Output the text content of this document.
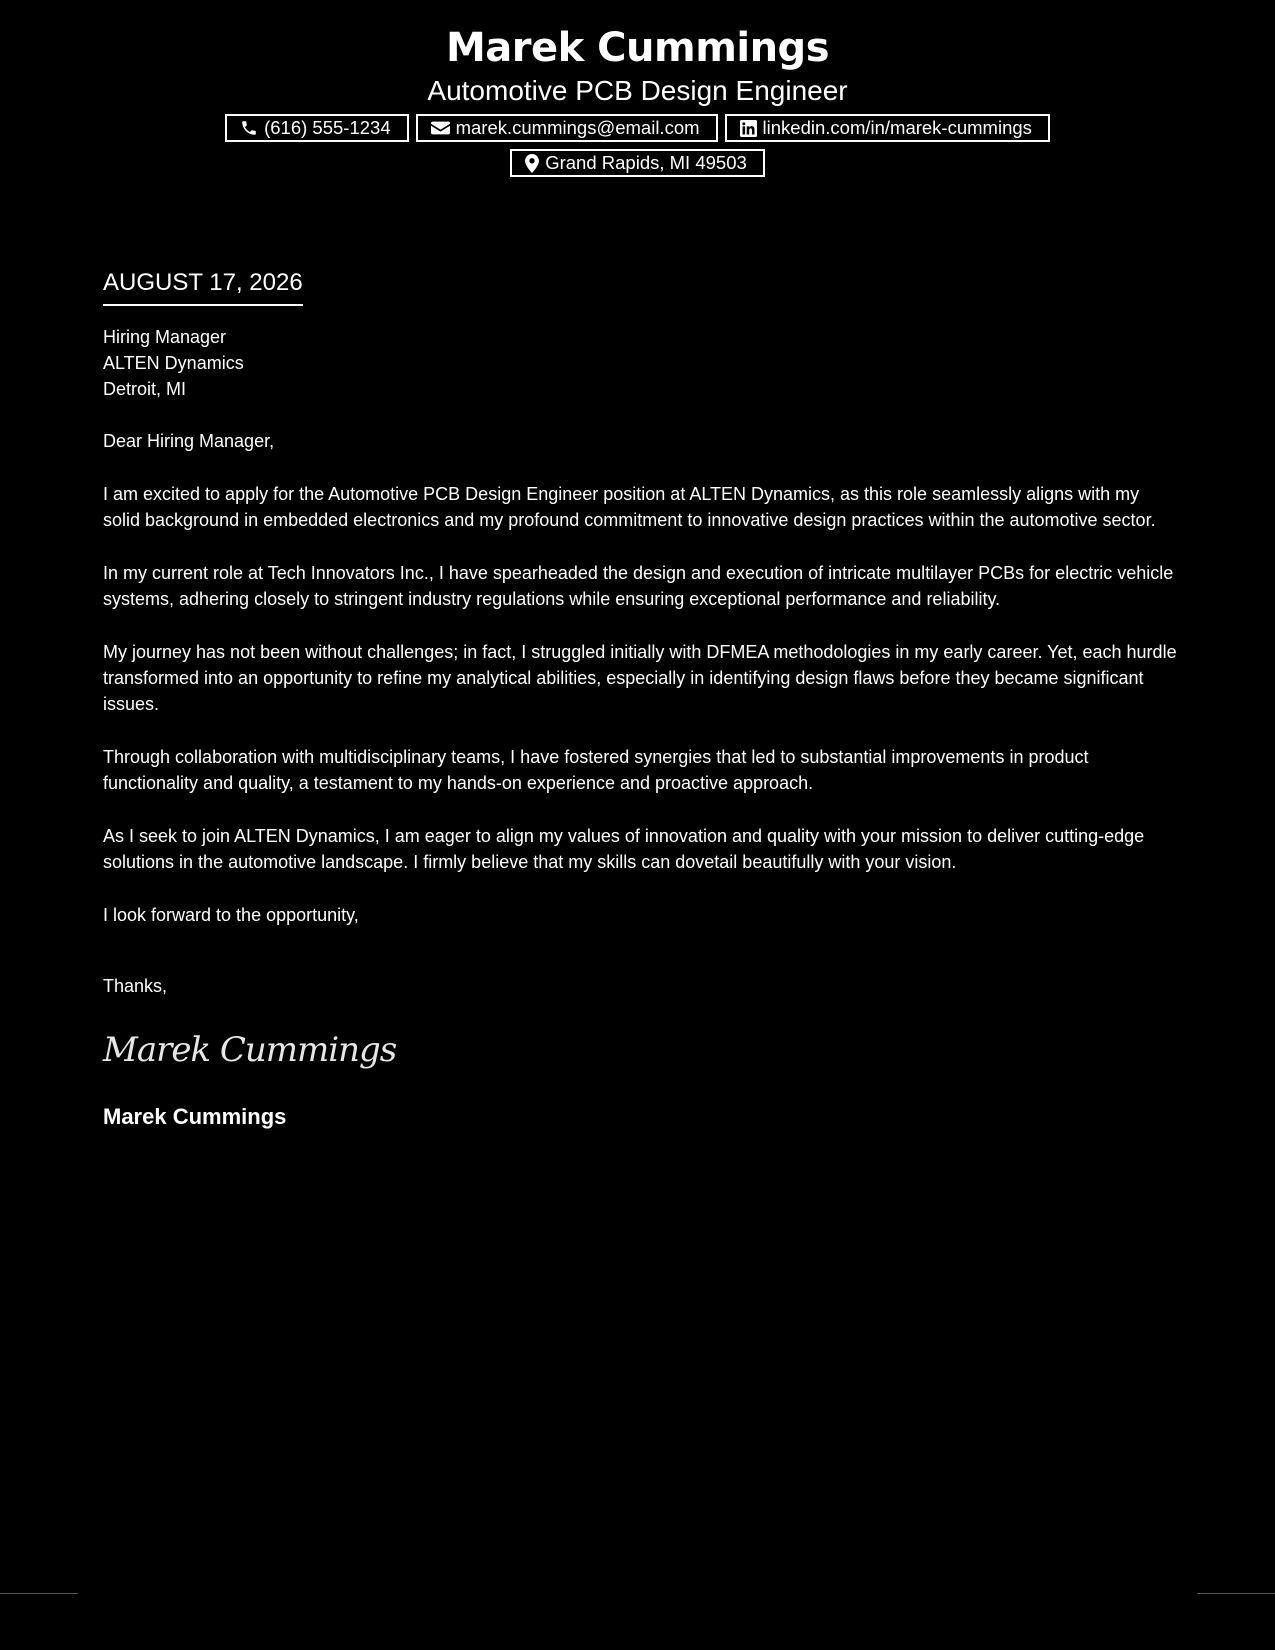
Marek Cummings
Automotive PCB Design Engineer
(616) 555-1234	marek.cummings@email.com	linkedin.com/in/marek-cummings
Grand Rapids, MI 49503
AUGUST 17, 2026
Hiring Manager
ALTEN Dynamics
Detroit, MI
Dear Hiring Manager,

I am excited to apply for the Automotive PCB Design Engineer position at ALTEN Dynamics, as this role seamlessly aligns with my solid background in embedded electronics and my profound commitment to innovative design practices within the automotive sector.

In my current role at Tech Innovators Inc., I have spearheaded the design and execution of intricate multilayer PCBs for electric vehicle systems, adhering closely to stringent industry regulations while ensuring exceptional performance and reliability.

My journey has not been without challenges; in fact, I struggled initially with DFMEA methodologies in my early career. Yet, each hurdle transformed into an opportunity to refine my analytical abilities, especially in identifying design flaws before they became significant issues.

Through collaboration with multidisciplinary teams, I have fostered synergies that led to substantial improvements in product functionality and quality, a testament to my hands-on experience and proactive approach.

As I seek to join ALTEN Dynamics, I am eager to align my values of innovation and quality with your mission to deliver cutting-edge solutions in the automotive landscape. I firmly believe that my skills can dovetail beautifully with your vision.

I look forward to the opportunity,
Thanks,
Marek Cummings
Marek Cummings
